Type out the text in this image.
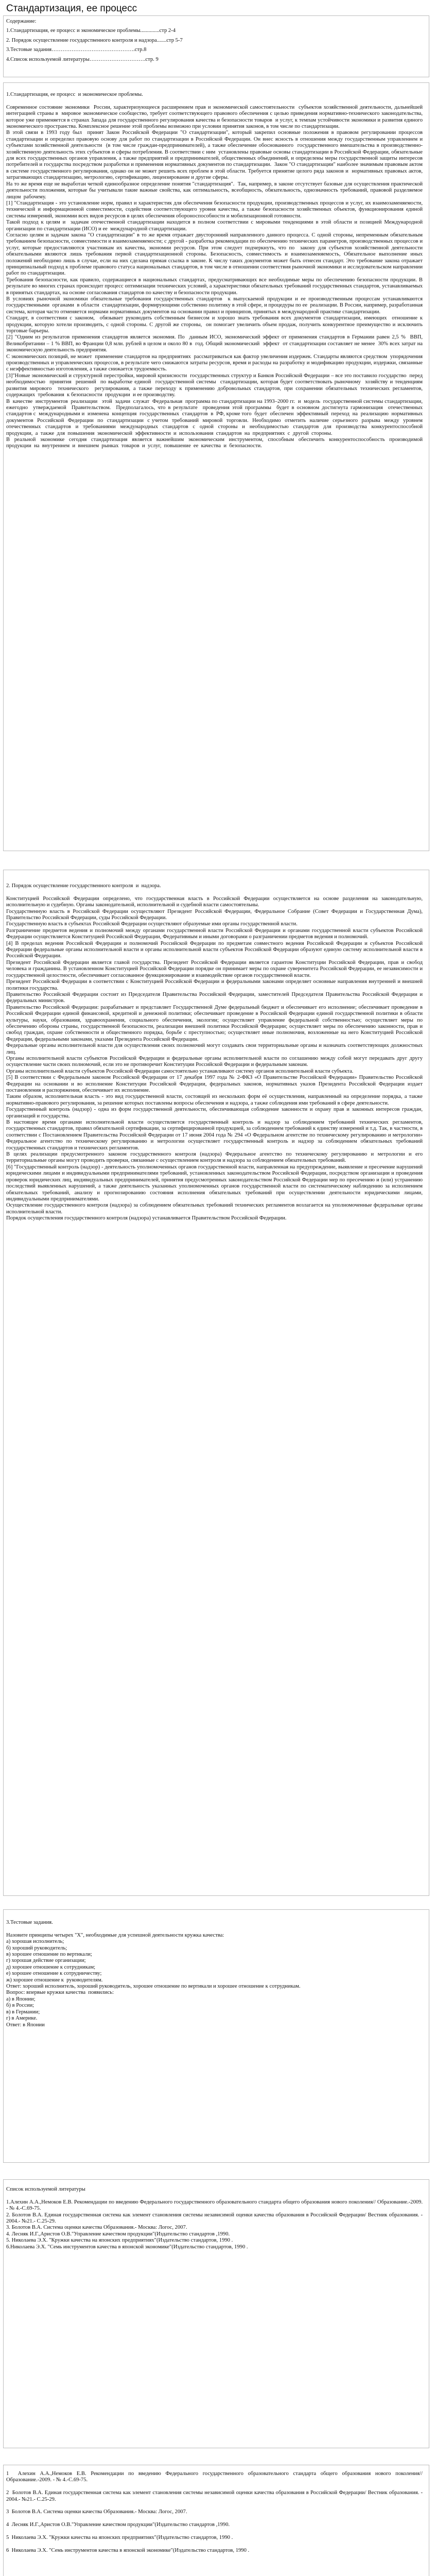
Стандартизация, ее процесс
Содержание:
1.Стандартизация, ее процесс и экономическое проблемы..............стр 2-4
2. Порядок осуществление государственного контроля и надзора.......стр 5-7
3.Тестовые задания……………………………………….стр.8
4.Список используемой литературы………………………….стр. 9
1.Стандартизация, ее процесс  и экономическое проблемы.

Современное состояние экономики  России, характеризующееся расширением прав и экономической самостоятельности  субъектов хозяйственной деятельности, дальнейшей интеграцией страны в  мировое экономическое сообщество, требует соответствующего правового обеспечения с целью приведения нормативно-технического законодательства, которое уже применяется в странах Запада для государственного регулирования качества и безопасности товаров  и услуг, к темпам устойчивости экономики и развития единого экономического пространства. Комплексное решение этой проблемы возможно при условии принятия законов, в том числе по стандартизации.
В этой связи в 1993 году был  принят Закон Российской Федерации "О стандартизации", который закрепил основные положения в правовом регулировании процессов стандартизации и определил правовую основу для работ по стандартизации в Российской Федерации. Он внес ясность в отношения между государственным управлением и субъектами хозяйственной деятельности  (в том числе граждан-предпринимателей), а также обеспечение обоснованного  государственного вмешательства в производственно-хозяйственную деятельность этих субъектов и сферы потребления. В соответствии с ним  установлены правовые основы стандартизации в Российской Федерации, обязательные для всех государственных органов управления, а также предприятий и предпринимателей, общественных объединений, и определены меры государственной защиты интересов потребителей и государства посредством разработки и применения нормативных документов по стандартизации.  Закон "О стандартизации" наиболее значимым правовым актом в системе государственного регулирования, однако он не может решить всех проблем в этой области. Требуется принятие целого ряда законов и  нормативных правовых актов, затрагивающих стандартизацию, метрологию, сертификацию, лицензирование и другие сферы.
На то же время еще не выработан четкой единообразное определение понятия "стандартизация".  Так, например, в законе отсутствует базовые для осуществления практической деятельности положения, которые бы учитывали такие важные свойства, как оптимальность, всеобщность, обязательность, однозначность требований, правовой разделяемое  лицом  рабочему.
[1] "Стандартизация - это установление норм, правил и характеристик для обеспечения безопасности продукции, производственных процессов и услуг, их взаимозаменяемости, технической и информационной совместимости, содействия соответствующего уровня качества, а также безопасности хозяйственных объектов, функционирования единой системы измерений, экономии всех видов ресурсов в целях обеспечения обороноспособности и мобилизационной готовности.
Такой подход к целям и  задачам отечественной стандартизации находится в полном соответствии с мировыми тенденциями в этой области и позицией Международной организации по стандартизации (ИСО) и ее  международной стандартизации.
Согласно целям и задачам закона "О стандартизации" в то же время отражает двусторонний направленного данного процесса. С одной стороны, непременным обязательным требованием безопасности, совместимости и взаимозаменяемости; с другой - разработка рекомендации по обеспечению технических параметров, производственных процессов и услуг, которые предоставляются участникам их качества, экономии ресурсов. При этом следует подчеркнуть, что по  закону для субъектов хозяйственной деятельности обязательными являются лишь требования первой стандартизационной стороны. Безопасность, совместимость и взаимозаменяемость, Обязательное выполнение иных положений необходимо лишь в случае, если на них сделана прямая ссылка в законе. К числу таких документов может быть отнесен стандарт. Это требование закона отражает принципиальный подход к проблеме правового статуса национальных стандартов, в том числе в отношении соответствия рыночной экономики и исследовательском направлении работ по стандартизации.
Требования безопасности, как правило, содержащиеся в национальных стандартах, предусматривающих все необходимые меры по обеспечению безопасности продукции. В результате во многих странах происходит процесс оптимизации технических условий, а характеристики обязательных требований государственных стандартов, устанавливаемых в принятых стандартах, на основе согласования стандартов по качеству и безопасности продукции.
В условиях рыночной экономики обязательные требования государственных стандартов  к выпускаемой продукции и ее производственным процессам устанавливаются государственными  органами  в области  стандартизации, формирующими собственно политику в этой сфере, и процедуры по ее  реализации. В России, например, разработанная система, которая часто отменяется нормами нормативных документов на основании правил и принципов, принятых в международной практике стандартизации.
Стандарт, в соответствии с законом,  обязывает руководить собственным бизнесом и хорошо знать требования всех документов стандартизации, имеющих  отношение к продукции, которую хотели производить, с одной стороны. С другой же стороны,  он помогает увеличить объем продаж, получить конкурентное преимущество и исключить торговые барьеры.
[2] "Одним из результатов применения стандартов является экономия. По  данным ИСО, экономический эффект от применения стандартов в Германии равен 2,5 %  ВВП, Великобритании – 1 % ВВП, во Франции 0,8 млн. рублей в целом и около 80 в  год. Общий экономический  эффект  от стандартизации составляет не менее  30% всех затрат на экономическую деятельность предприятия.
С экономических позиций, не может  применение стандартов на предприятиях  рассматриваться как фактор увеличения издержек. Стандарты являются средством  упорядочения производственных и управленческих процессов, в результате чего снижаются затраты ресурсов, время и расходы на разработку и модификацию продукции, издержки, связанные с неэффективностью изготовления, а также снижается трудоемкость.
[3]"Новые экономический и структурной перестройки, мировой кризисности  государственных структур и Банков Российской Федерации – все это поставило государство  перед  необходимостью  принятия  решений  по выработке единой  государственной системы  стандартизации, которая будет соответствовать рыночному  хозяйству и тенденциям  развития мирового  технического  регулирования, а также переходу к применению добровольных стандартов, при сохранении обязательных технических регламентов,  содержащих  требования  к безопасности  продукции  и ее производству.
В  качестве  инструментов  реализации   этой  задачи  служат  Федеральная  программа по стандартизации на 1993–2000 гг.  и  модель  государственной системы стандартизации, ежегодно  утверждаемой  Правительством.  Предполагалось, что в результате  проведения этой программы  будет в основном достигнута гармонизация  отечественных  стандартов с  международными и  изменена  концепция  государственных  стандартов  в  РФ, кроме того  будет  обеспечен  эффективный  переход  на  реализацию  нормативных  документов  Российской  Федерации  по  стандартизации  с учетом  требований  мировой  торговли.  Необходимо  отметить  наличие  серьезного  разрыва  между  уровнем  отечественных  стандартов  и  требованиями  международных  стандартов  с  одной  стороны  и  необходимостью  стандартов  для  производства  конкурентоспособной  продукции,  а  также  для  повышения  экономической  эффективности  и  использования  стандартов  на  предприятиях  с  другой  стороны.
В  реальной  экономике  сегодня  стандартизация  является  важнейшим  экономическим  инструментом,  способным  обеспечить  конкурентоспособность  производимой  продукции  на  внутреннем  и  внешнем  рынках  товаров  и  услуг,  повышение  ее  качества  и  безопасности.
2. Порядок осуществление государственного контроля  и  надзора.

Конституцией Российской Федерации определено, что государственная власть в Российской Федерации осуществляется на основе разделения на законодательную, исполнительную и судебную. Органы законодательной, исполнительной и судебной власти самостоятельны.
Государственную власть в Российской Федерации осуществляют Президент Российской Федерации, Федеральное Собрание (Совет Федерации и Государственная Дума), Правительство Российской Федерации, суды Российской Федерации.
Государственную власть в субъектах Российской Федерации осуществляют образуемые ими органы государственной власти.
Разграничение предметов ведения и полномочий между органами государственной власти Российской Федерации и органами государственной власти субъектов Российской Федерации осуществляется Конституцией Российской Федерации, Федеративным и иными договорами о разграничении предметов ведения и полномочий.
[4] В пределах ведения Российской Федерации и полномочий Российской Федерации по предметам совместного ведения Российской Федерации и субъектов Российской Федерации федеральные органы исполнительной власти и органы исполнительной власти субъектов Российской Федерации образуют единую систему исполнительной власти в Российской Федерации.
Президент Российской Федерации является главой государства. Президент Российской Федерации является гарантом Конституции Российской Федерации, прав и свобод человека и гражданина. В установленном Конституцией Российской Федерации порядке он принимает меры по охране суверенитета Российской Федерации, ее независимости и государственной целостности, обеспечивает согласованное функционирование и взаимодействие органов государственной власти.
Президент Российской Федерации в соответствии с Конституцией Российской Федерации и федеральными законами определяет основные направления внутренней и внешней политики государства.
Правительство Российской Федерации состоит из Председателя Правительства Российской Федерации, заместителей Председателя Правительства Российской Федерации и федеральных министров.
Правительство Российской Федерации: разрабатывает и представляет Государственной Думе федеральный бюджет и обеспечивает его исполнение; обеспечивает проведение в Российской Федерации единой финансовой, кредитной и денежной политики; обеспечивает проведение в Российской Федерации единой государственной политики в области культуры, науки, образования, здравоохранения, социального обеспечения, экологии; осуществляет управление федеральной собственностью; осуществляет меры по обеспечению обороны страны, государственной безопасности, реализации внешней политики Российской Федерации; осуществляет меры по обеспечению законности, прав и свобод граждан, охране собственности и общественного порядка, борьбе с преступностью; осуществляет иные полномочия, возложенные на него Конституцией Российской Федерации, федеральными законами, указами Президента Российской Федерации.
Федеральные органы исполнительной власти для осуществления своих полномочий могут создавать свои территориальные органы и назначать соответствующих должностных лиц.
Органы исполнительной власти субъектов Российской Федерации и федеральные органы исполнительной власти по соглашению между собой могут передавать друг другу осуществление части своих полномочий, если это не противоречит Конституции Российской Федерации и федеральным законам.
Органы исполнительной власти субъектов Российской Федерации самостоятельно устанавливают систему органов исполнительной власти субъекта.
[5] В соответствии с Федеральным законом Российской Федерации от 17 декабря 1997 года № 2-ФКЗ «О Правительстве Российской Федерации» Правительство Российской Федерации на основании и во исполнение Конституции Российской Федерации, федеральных законов, нормативных указов Президента Российской Федерации издает постановления и распоряжения, обеспечивает их исполнение.
Таким образом, исполнительная власть - это вид государственной власти, состоящей из нескольких форм её осуществления, направленный на определение порядка, а также нормативно-правового регулирования, за решение которых поставлены вопросы обеспечения и надзора, а также соблюдения ими требований в сфере деятельности.
Государственный контроль (надзор) - одна из форм государственной деятельности, обеспечивающая соблюдение законности и охрану прав и законных интересов граждан, организаций и государства.
В настоящее время органами исполнительной власти осуществляется государственный контроль и надзор за соблюдением требований технических регламентов, государственных стандартов, правил обязательной сертификации, за сертифицированной продукцией, за соблюдением требований к единству измерений и т.д. Так, в частности, в соответствии с Постановлением Правительства Российской Федерации от 17 июня 2004 года № 294 «О Федеральном агентстве по техническому регулированию и метрологии» Федеральное агентство по техническому регулированию и метрологии осуществляет государственный контроль и надзор за соблюдением обязательных требований государственных стандартов и технических регламентов.
В целях реализации предусмотренного законом государственного контроля (надзора) Федеральное агентство по техническому регулированию и метрологии и его территориальные органы могут проводить проверки, связанные с осуществлением контроля и надзора за соблюдением обязательных требований.
[6] "Государственный контроль (надзор) - деятельность уполномоченных органов государственной власти, направленная на предупреждение, выявление и пресечение нарушений юридическими лицами и индивидуальными предпринимателями требований, установленных законодательством Российской Федерации, посредством организации и проведения проверок юридических лиц, индивидуальных предпринимателей, принятия предусмотренных законодательством Российской Федерации мер по пресечению и (или) устранению последствий выявленных нарушений, а также деятельность указанных уполномоченных органов государственной власти по систематическому наблюдению за исполнением обязательных требований, анализу и прогнозированию состояния исполнения обязательных требований при осуществлении деятельности юридическими лицами, индивидуальными предпринимателями.
Осуществление государственного контроля (надзора) за соблюдением обязательных требований технических регламентов возлагается на уполномоченные федеральные органы исполнительной власти.
Порядок осуществления государственного контроля (надзора) устанавливается Правительством Российской Федерации.
3.Тестовые задания.

Назовите принципы четырех "Х", необходимые для успешной деятельности кружка качества:
а) хорошая исполнитель;
б) хороший руководитель;
в) хорошее отношение по вертикали;
г) хорошая действие организации;
д) хорошее отношение к сотрудникам;
е) хорошее отношение к сотрудничеству;
ж) хорошее отношение к  руководителям.
Ответ: хороший исполнитель, хороший руководитель, хорошее отношение по вертикали и хорошее отношение к сотрудникам.
Вопрос: впервые кружки качества  появились:
а) в Японии;
б) в России;
в) в Германии;
г) в Америке.
Ответ: в Японии
Список используемой литературы

1.Алехин А.А.,Немоков Е.В. Рекомендации по введению Федерального государственного образовательного стандарта общего образования нового поколения// Образование.-2009. - № 4.-С.69-75.
2. Болотов В.А. Единая государственная система как элемент становления системы независимой оценки качества образования в Российской Федерации/ Вестник образования. - 2004.- №21.- С.25-29.
3. Болотов В.А. Система оценки качества Образования.- Москва: Логос, 2007.
4. Лесняк И.Г.,Аристов О.В."Управление качеством продукции"(Издательство стандартов ,1990.
5. Николаева Э.Х. "Кружки качества на японских предприятиях"(Издательство стандартов, 1990 .
6.Николаева Э.Х. "Семь инструментов качества в японской экономике"(Издательство стандартов, 1990 .
1  Алехин А.А.,Немоков Е.В. Рекомендации по введению Федерального государственного образовательного стандарта общего образования нового поколения// Образование.-2009. - № 4.-С.69-75.

2  Болотов В.А. Единая государственная система как элемент становления системы независимой оценки качества образования в Российской Федерации/ Вестник образования. - 2004.- №21.- С.25-29.

3  Болотов В.А. Система оценки качества Образования.- Москва: Логос, 2007.

4  Лесняк И.Г.,Аристов О.В."Управление качеством продукции"(Издательство стандартов ,1990.

5  Николаева Э.Х. "Кружки качества на японских предприятиях"(Издательство стандартов, 1990 .

6  Николаева Э.Х. "Семь инструментов качества в японской экономике"(Издательство стандартов, 1990 .
